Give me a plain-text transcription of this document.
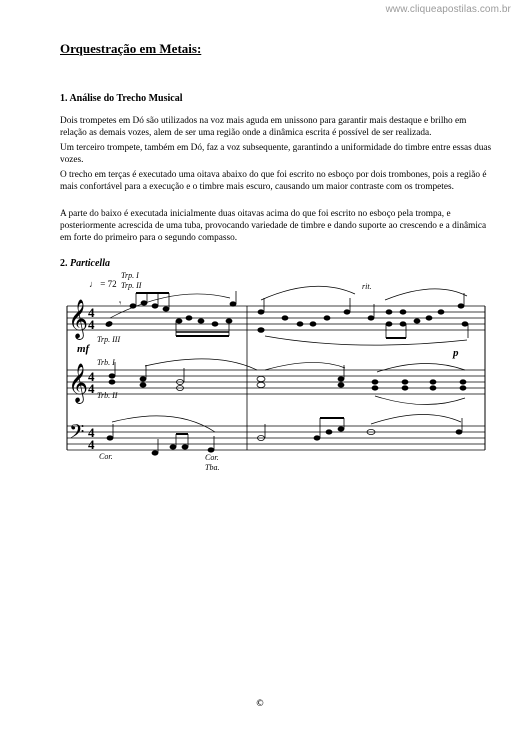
www.cliqueapostilas.com.br
Orquestração em Metais:
1. Análise do Trecho Musical

Dois trompetes em Dó são utilizados na voz mais aguda em unissono para garantir mais destaque e brilho em relação as demais vozes, alem de ser uma região onde a dinâmica escrita é possível de ser realizada.

Um terceiro trompete, também em Dó, faz a voz subsequente, garantindo a uniformidade do timbre entre essas duas vozes.

O trecho em terças é executado uma oitava abaixo do que foi escrito no esboço por dois trombones, pois a região é mais confortável para a execução e o timbre mais escuro, causando um maior contraste com os trompetes.

A parte do baixo é executada inicialmente duas oitavas acima do que foi escrito no esboço pela trompa, e posteriormente acrescida de uma tuba, provocando variedade de timbre e dando suporte ao crescendo e a dinâmica em forte do primeiro para o segundo compasso.

2. Particella
♩ = 72
𝄞
𝄞
𝄢
4
4
4
4
4
4
Trp. I
Trp. II
Trp. III
Trb. I
Trb. II
Cor.	Cor.
Tba.
rit.
mf	p
𝄾
©
